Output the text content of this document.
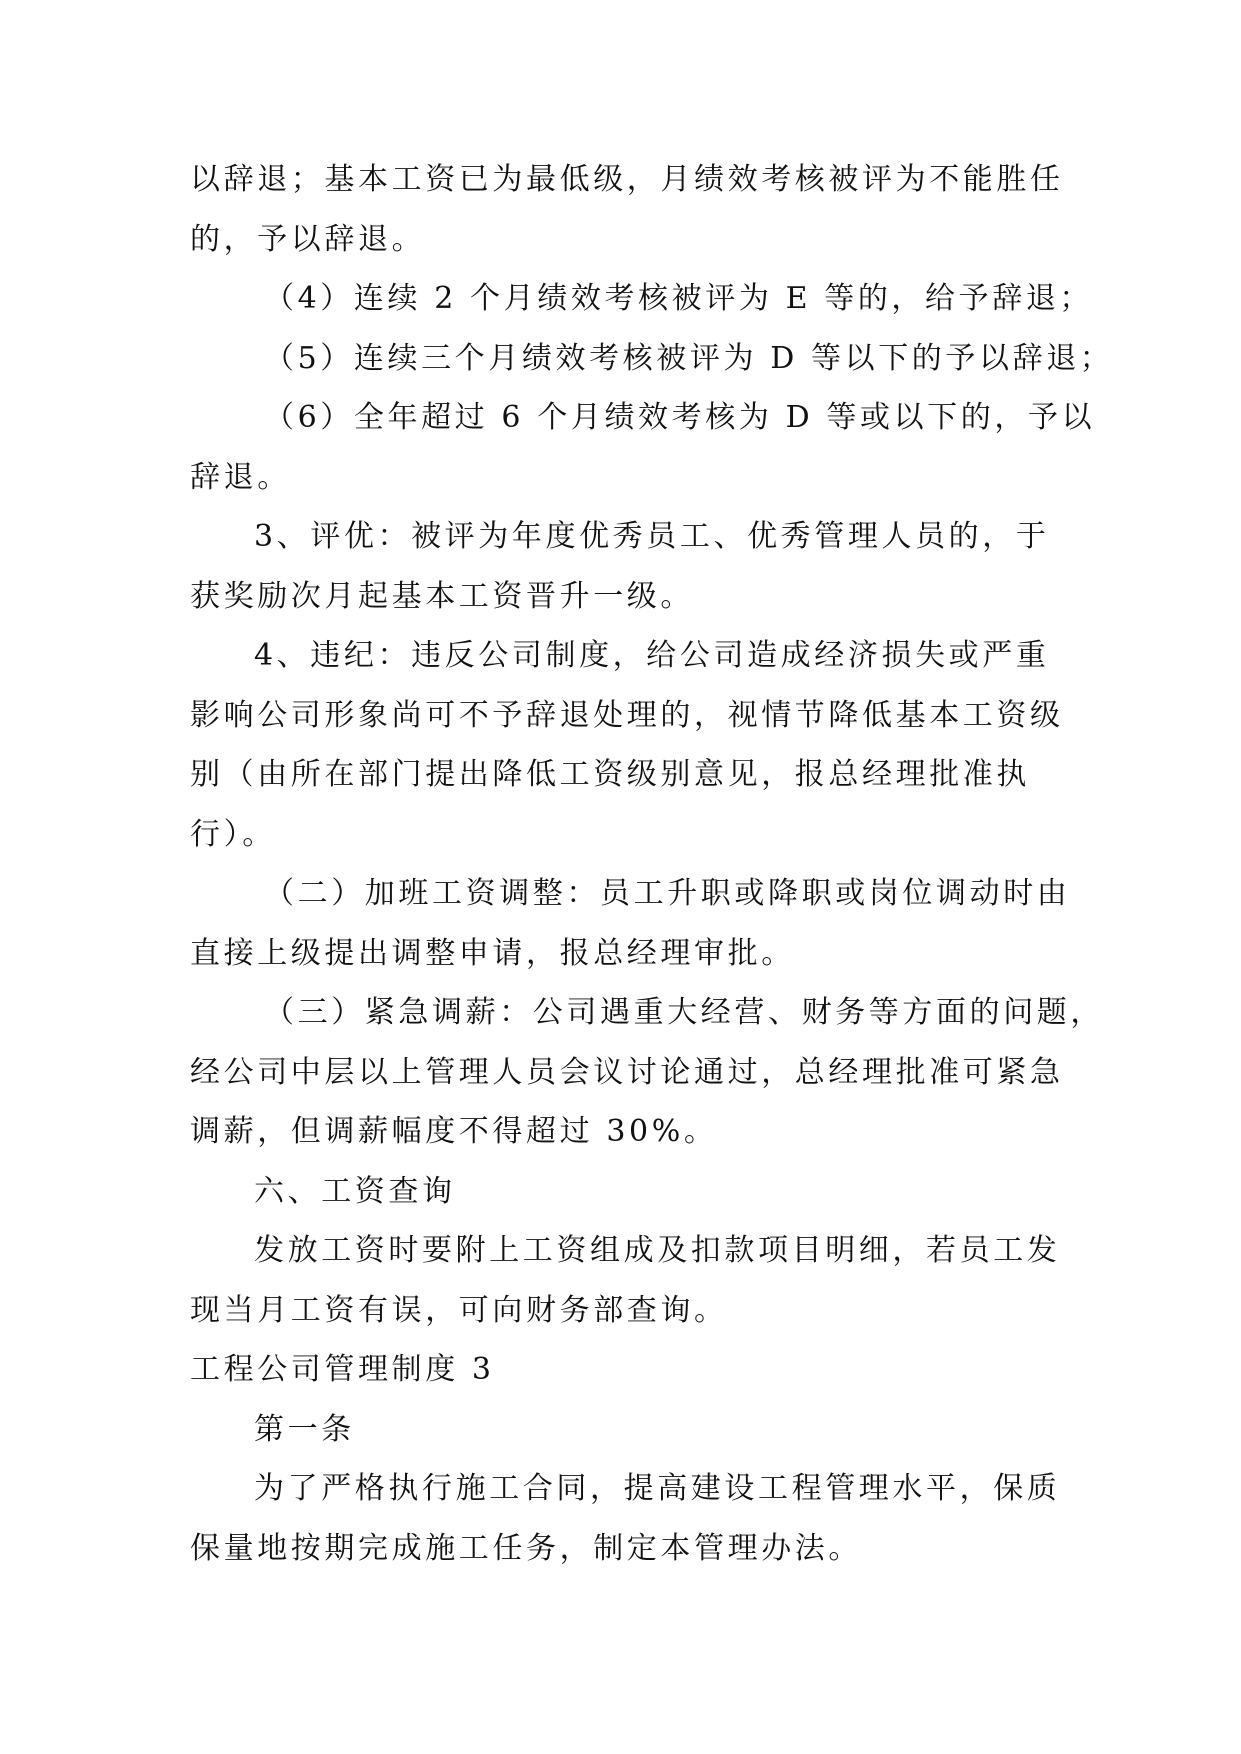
以辞退；基本工资已为最低级，月绩效考核被评为不能胜任

的，予以辞退。

（4）连续 2 个月绩效考核被评为 E 等的，给予辞退；

（5）连续三个月绩效考核被评为 D 等以下的予以辞退；

（6）全年超过 6 个月绩效考核为 D 等或以下的，予以

辞退。

3、评优：被评为年度优秀员工、优秀管理人员的，于

获奖励次月起基本工资晋升一级。

4、违纪：违反公司制度，给公司造成经济损失或严重

影响公司形象尚可不予辞退处理的，视情节降低基本工资级

别（由所在部门提出降低工资级别意见，报总经理批准执

行）。

（二）加班工资调整：员工升职或降职或岗位调动时由

直接上级提出调整申请，报总经理审批。

（三）紧急调薪：公司遇重大经营、财务等方面的问题，

经公司中层以上管理人员会议讨论通过，总经理批准可紧急

调薪，但调薪幅度不得超过 30%。

六、工资查询

发放工资时要附上工资组成及扣款项目明细，若员工发

现当月工资有误，可向财务部查询。

工程公司管理制度 3

第一条

为了严格执行施工合同，提高建设工程管理水平，保质

保量地按期完成施工任务，制定本管理办法。
